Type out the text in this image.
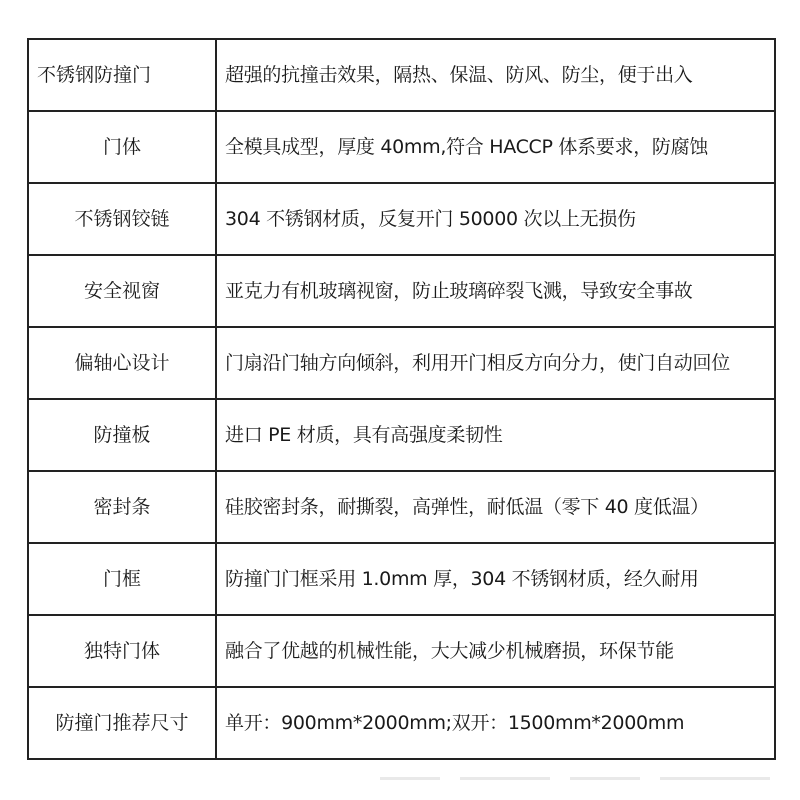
不锈钢防撞门	超强的抗撞击效果，隔热、保温、防风、防尘，便于出入
门体	全模具成型，厚度 40mm,符合 HACCP 体系要求，防腐蚀
不锈钢铰链	304 不锈钢材质，反复开门 50000 次以上无损伤
安全视窗	亚克力有机玻璃视窗，防止玻璃碎裂飞溅，导致安全事故
偏轴心设计	门扇沿门轴方向倾斜，利用开门相反方向分力，使门自动回位
防撞板	进口 PE 材质，具有高强度柔韧性
密封条	硅胶密封条，耐撕裂，高弹性，耐低温（零下 40 度低温）
门框	防撞门门框采用 1.0mm 厚，304 不锈钢材质，经久耐用
独特门体	融合了优越的机械性能，大大减少机械磨损，环保节能
防撞门推荐尺寸	单开：900mm*2000mm;双开：1500mm*2000mm
